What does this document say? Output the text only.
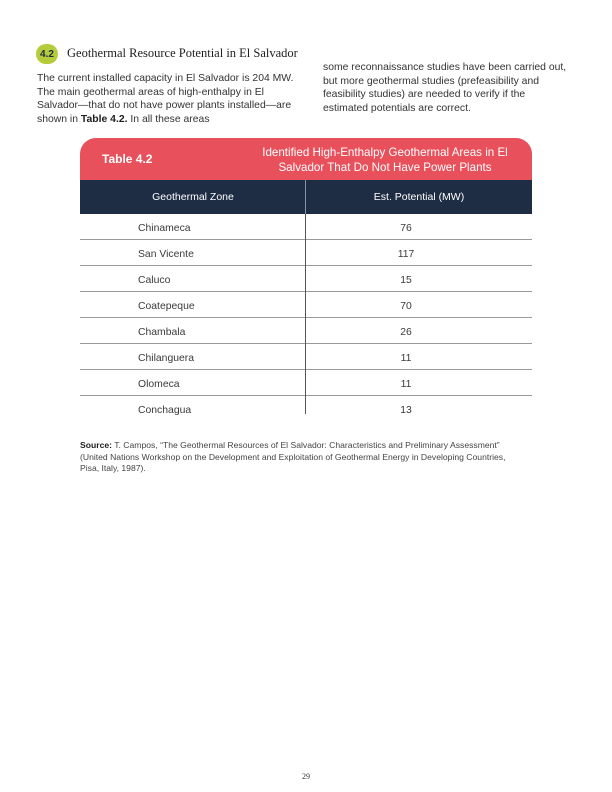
4.2	Geothermal Resource Potential in El Salvador
The current installed capacity in El Salvador is 204 MW. The main geothermal areas of high-enthalpy in El Salvador—that do not have power plants installed—are shown in Table 4.2. In all these areas
some reconnaissance studies have been carried out, but more geothermal studies (prefeasibility and feasibility studies) are needed to verify if the estimated potentials are correct.
Table 4.2	Identified High-Enthalpy Geothermal Areas in El Salvador That Do Not Have Power Plants
Geothermal Zone	Est. Potential (MW)
Chinameca	76
San Vicente	117
Caluco	15
Coatepeque	70
Chambala	26
Chilanguera	11
Olomeca	11
Conchagua	13
Source: T. Campos, “The Geothermal Resources of El Salvador: Characteristics and Preliminary Assessment” (United Nations Workshop on the Development and Exploitation of Geothermal Energy in Developing Countries, Pisa, Italy, 1987).
29
